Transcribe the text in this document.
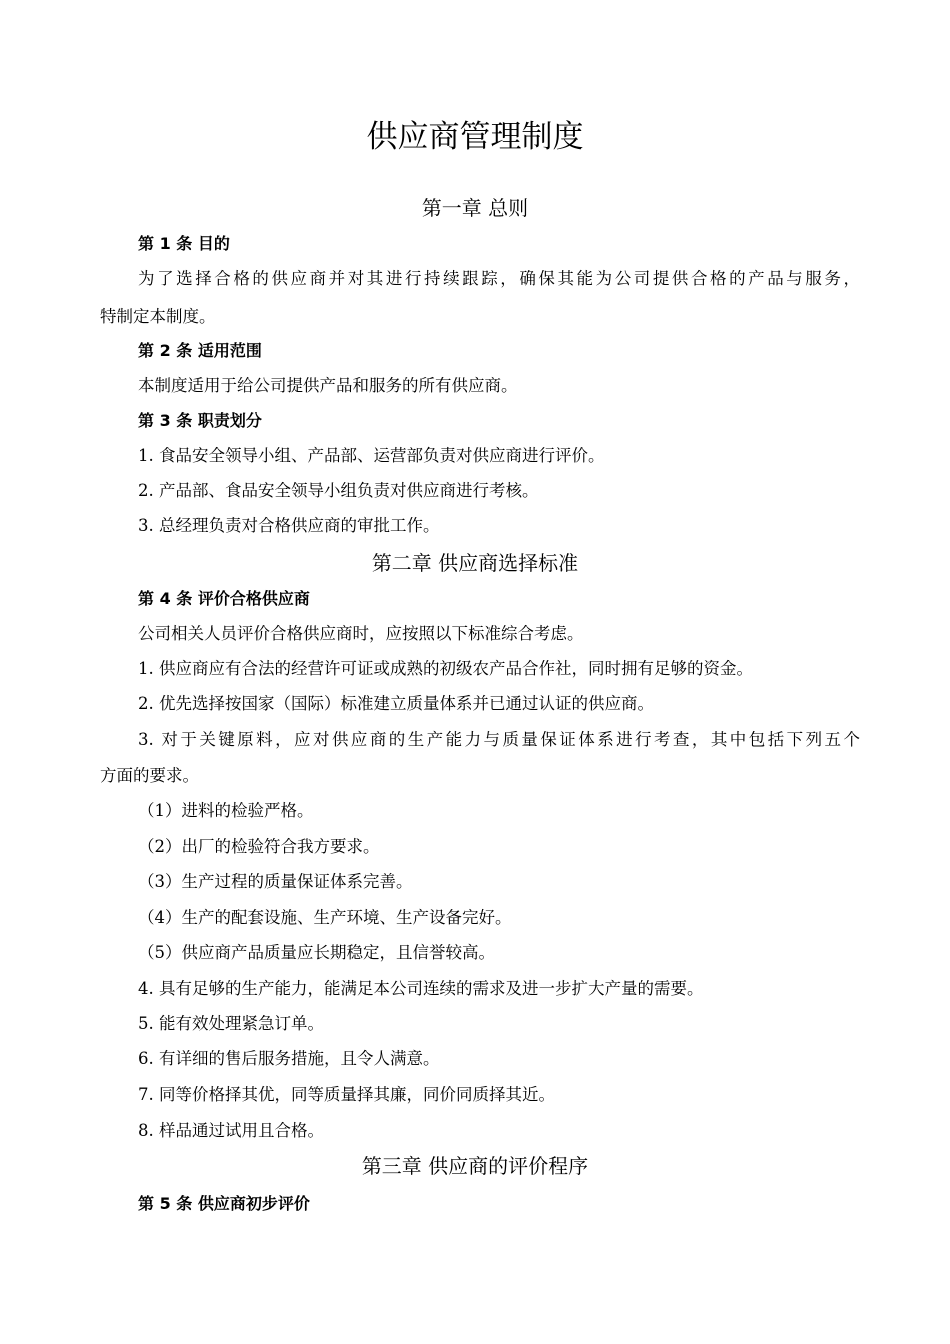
供应商管理制度
第一章 总则
第 1 条 目的
为了选择合格的供应商并对其进行持续跟踪，确保其能为公司提供合格的产品与服务，
特制定本制度。
第 2 条 适用范围
本制度适用于给公司提供产品和服务的所有供应商。
第 3 条 职责划分
1. 食品安全领导小组、产品部、运营部负责对供应商进行评价。
2. 产品部、食品安全领导小组负责对供应商进行考核。
3. 总经理负责对合格供应商的审批工作。
第二章 供应商选择标准
第 4 条 评价合格供应商
公司相关人员评价合格供应商时，应按照以下标准综合考虑。
1. 供应商应有合法的经营许可证或成熟的初级农产品合作社，同时拥有足够的资金。
2. 优先选择按国家（国际）标准建立质量体系并已通过认证的供应商。
3. 对于关键原料，应对供应商的生产能力与质量保证体系进行考查，其中包括下列五个
方面的要求。
（1）进料的检验严格。
（2）出厂的检验符合我方要求。
（3）生产过程的质量保证体系完善。
（4）生产的配套设施、生产环境、生产设备完好。
（5）供应商产品质量应长期稳定，且信誉较高。
4. 具有足够的生产能力，能满足本公司连续的需求及进一步扩大产量的需要。
5. 能有效处理紧急订单。
6. 有详细的售后服务措施，且令人满意。
7. 同等价格择其优，同等质量择其廉，同价同质择其近。
8. 样品通过试用且合格。
第三章 供应商的评价程序
第 5 条 供应商初步评价
